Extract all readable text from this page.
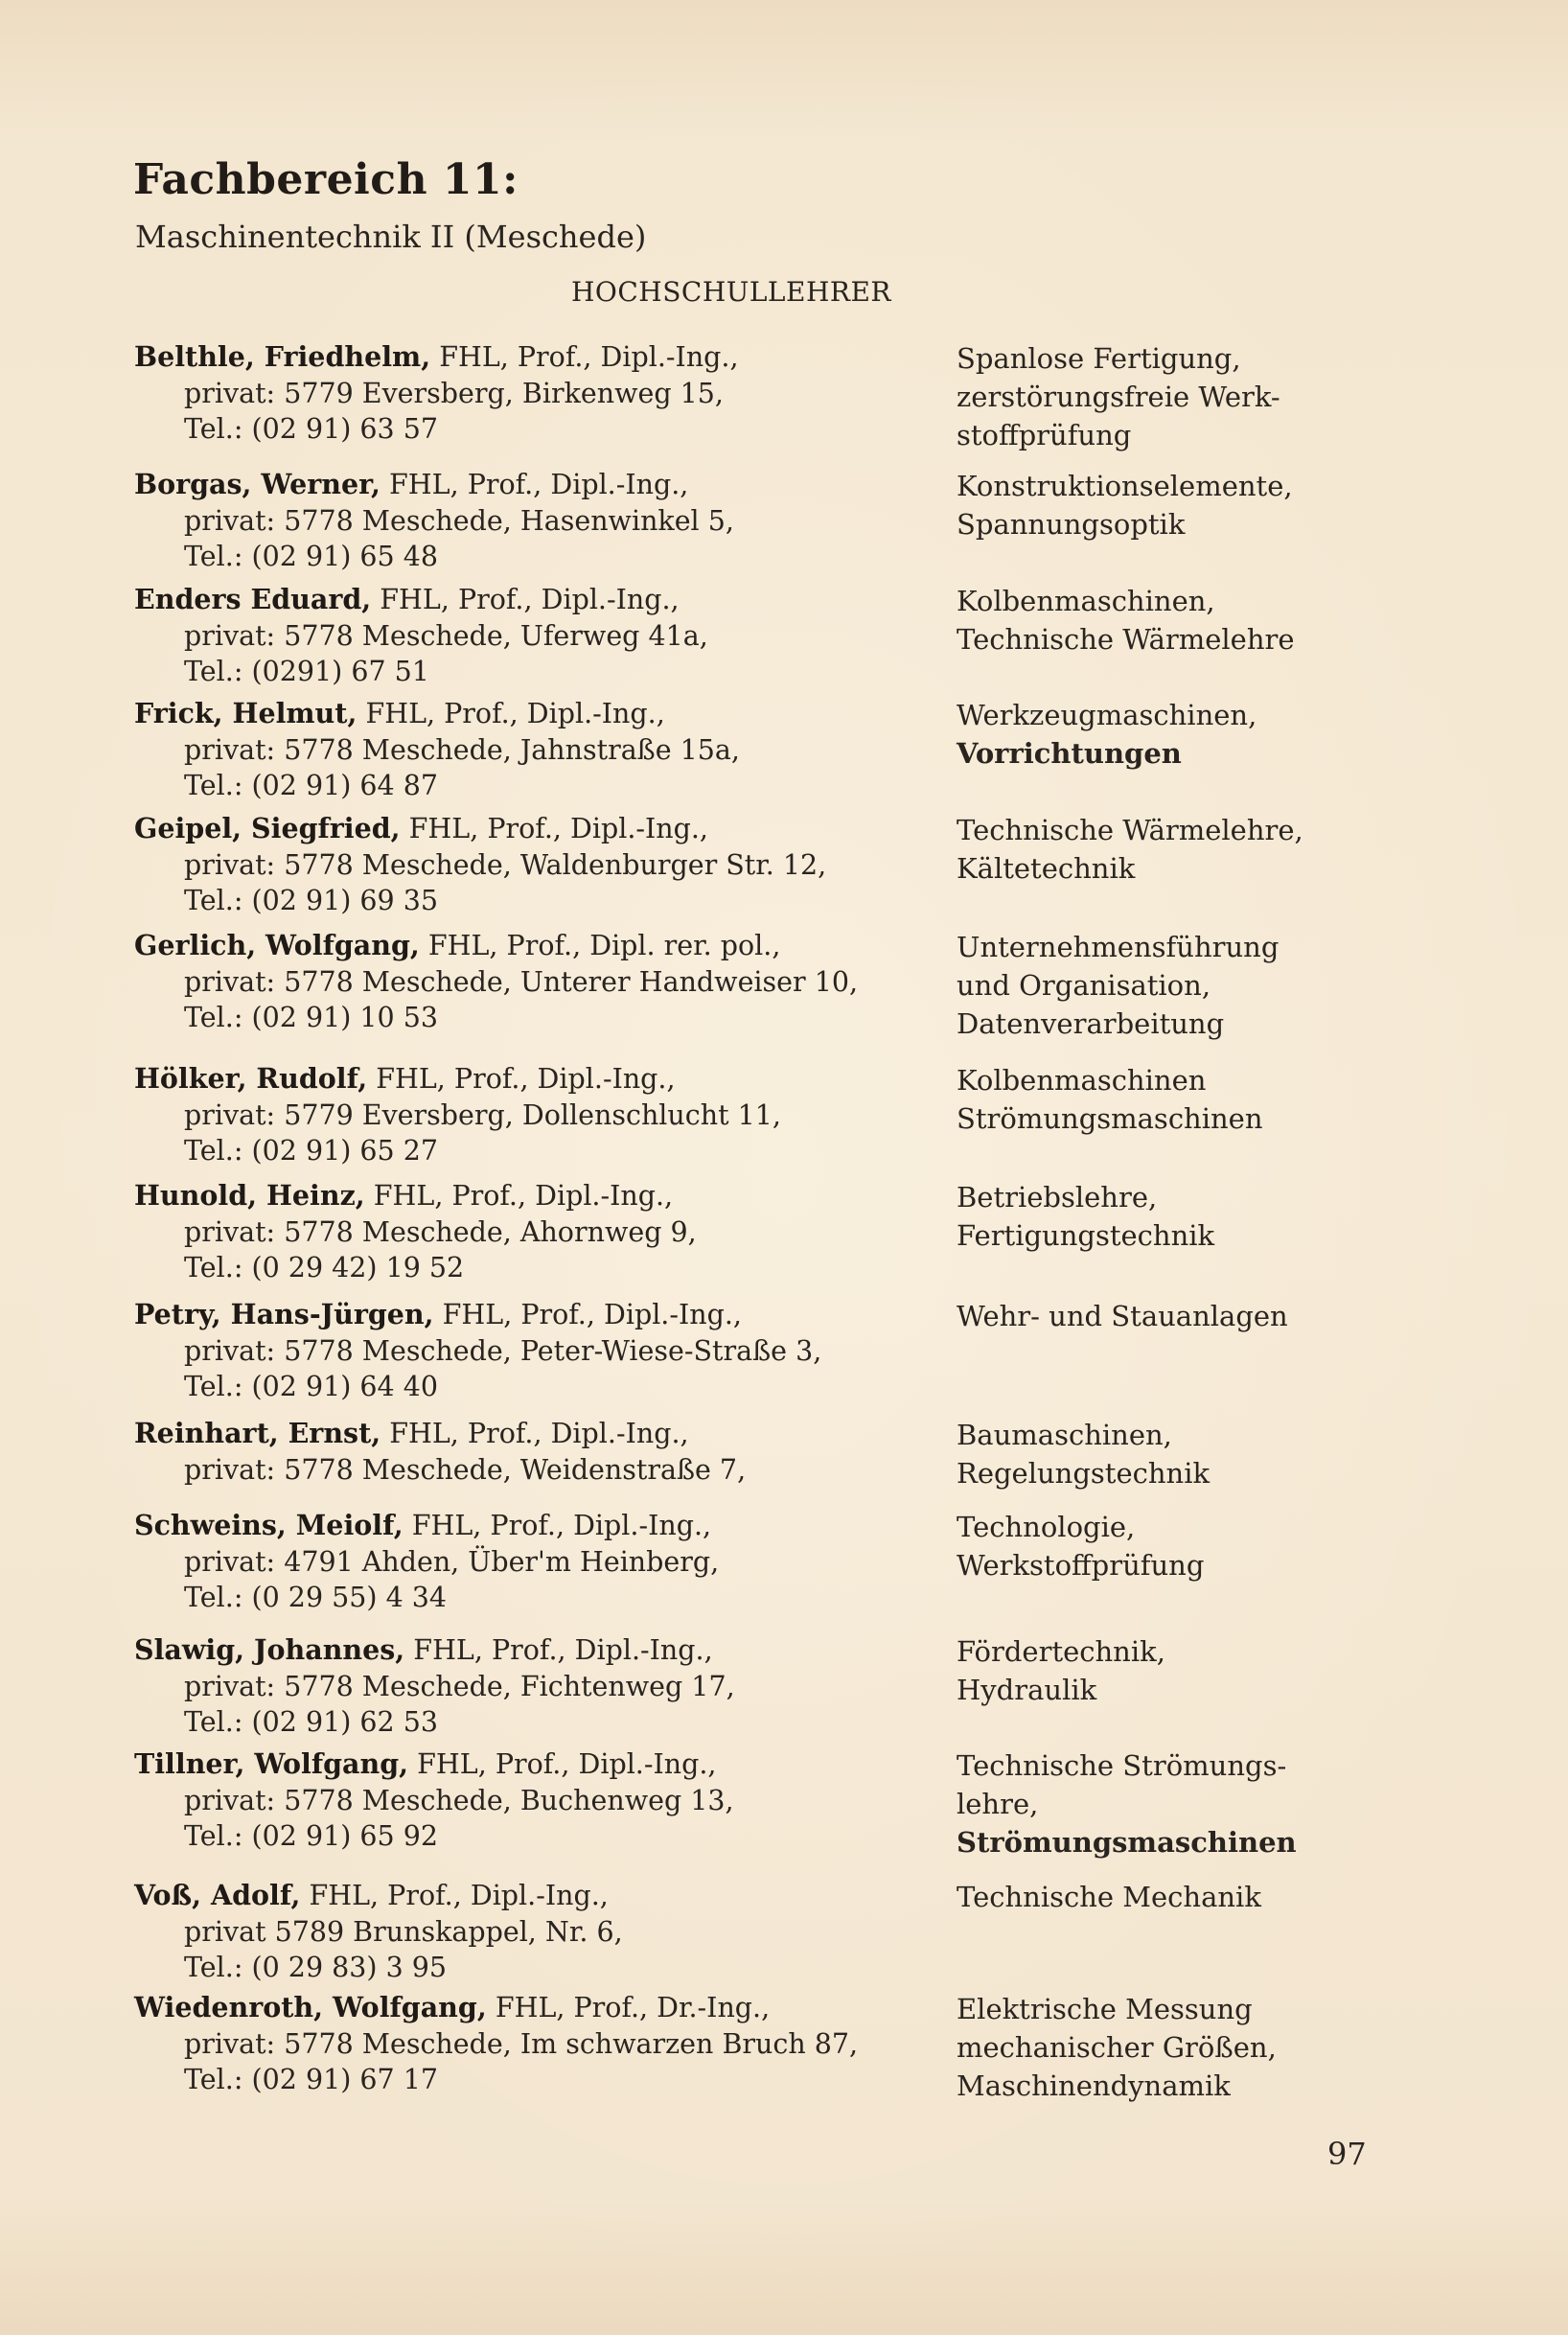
Fachbereich 11:
Maschinentechnik II (Meschede)
HOCHSCHULLEHRER
Belthle, Friedhelm, FHL, Prof., Dipl.-Ing.,
privat: 5779 Eversberg, Birkenweg 15,
Tel.: (02 91) 63 57
Spanlose Fertigung,
zerstörungsfreie Werk-
stoffprüfung
Borgas, Werner, FHL, Prof., Dipl.-Ing.,
privat: 5778 Meschede, Hasenwinkel 5,
Tel.: (02 91) 65 48
Konstruktionselemente,
Spannungsoptik
Enders Eduard, FHL, Prof., Dipl.-Ing.,
privat: 5778 Meschede, Uferweg 41a,
Tel.: (0291) 67 51
Kolbenmaschinen,
Technische Wärmelehre
Frick, Helmut, FHL, Prof., Dipl.-Ing.,
privat: 5778 Meschede, Jahnstraße 15a,
Tel.: (02 91) 64 87
Werkzeugmaschinen,
Vorrichtungen
Geipel, Siegfried, FHL, Prof., Dipl.-Ing.,
privat: 5778 Meschede, Waldenburger Str. 12,
Tel.: (02 91) 69 35
Technische Wärmelehre,
Kältetechnik
Gerlich, Wolfgang, FHL, Prof., Dipl. rer. pol.,
privat: 5778 Meschede, Unterer Handweiser 10,
Tel.: (02 91) 10 53
Unternehmensführung
und Organisation,
Datenverarbeitung
Hölker, Rudolf, FHL, Prof., Dipl.-Ing.,
privat: 5779 Eversberg, Dollenschlucht 11,
Tel.: (02 91) 65 27
Kolbenmaschinen
Strömungsmaschinen
Hunold, Heinz, FHL, Prof., Dipl.-Ing.,
privat: 5778 Meschede, Ahornweg 9,
Tel.: (0 29 42) 19 52
Betriebslehre,
Fertigungstechnik
Petry, Hans-Jürgen, FHL, Prof., Dipl.-Ing.,
privat: 5778 Meschede, Peter-Wiese-Straße 3,
Tel.: (02 91) 64 40
Wehr- und Stauanlagen
Reinhart, Ernst, FHL, Prof., Dipl.-Ing.,
privat: 5778 Meschede, Weidenstraße 7,
Baumaschinen,
Regelungstechnik
Schweins, Meiolf, FHL, Prof., Dipl.-Ing.,
privat: 4791 Ahden, Über'm Heinberg,
Tel.: (0 29 55) 4 34
Technologie,
Werkstoffprüfung
Slawig, Johannes, FHL, Prof., Dipl.-Ing.,
privat: 5778 Meschede, Fichtenweg 17,
Tel.: (02 91) 62 53
Fördertechnik,
Hydraulik
Tillner, Wolfgang, FHL, Prof., Dipl.-Ing.,
privat: 5778 Meschede, Buchenweg 13,
Tel.: (02 91) 65 92
Technische Strömungs-
lehre,
Strömungsmaschinen
Voß, Adolf, FHL, Prof., Dipl.-Ing.,
privat 5789 Brunskappel, Nr. 6,
Tel.: (0 29 83) 3 95
Technische Mechanik
Wiedenroth, Wolfgang, FHL, Prof., Dr.-Ing.,
privat: 5778 Meschede, Im schwarzen Bruch 87,
Tel.: (02 91) 67 17
Elektrische Messung
mechanischer Größen,
Maschinendynamik
97
